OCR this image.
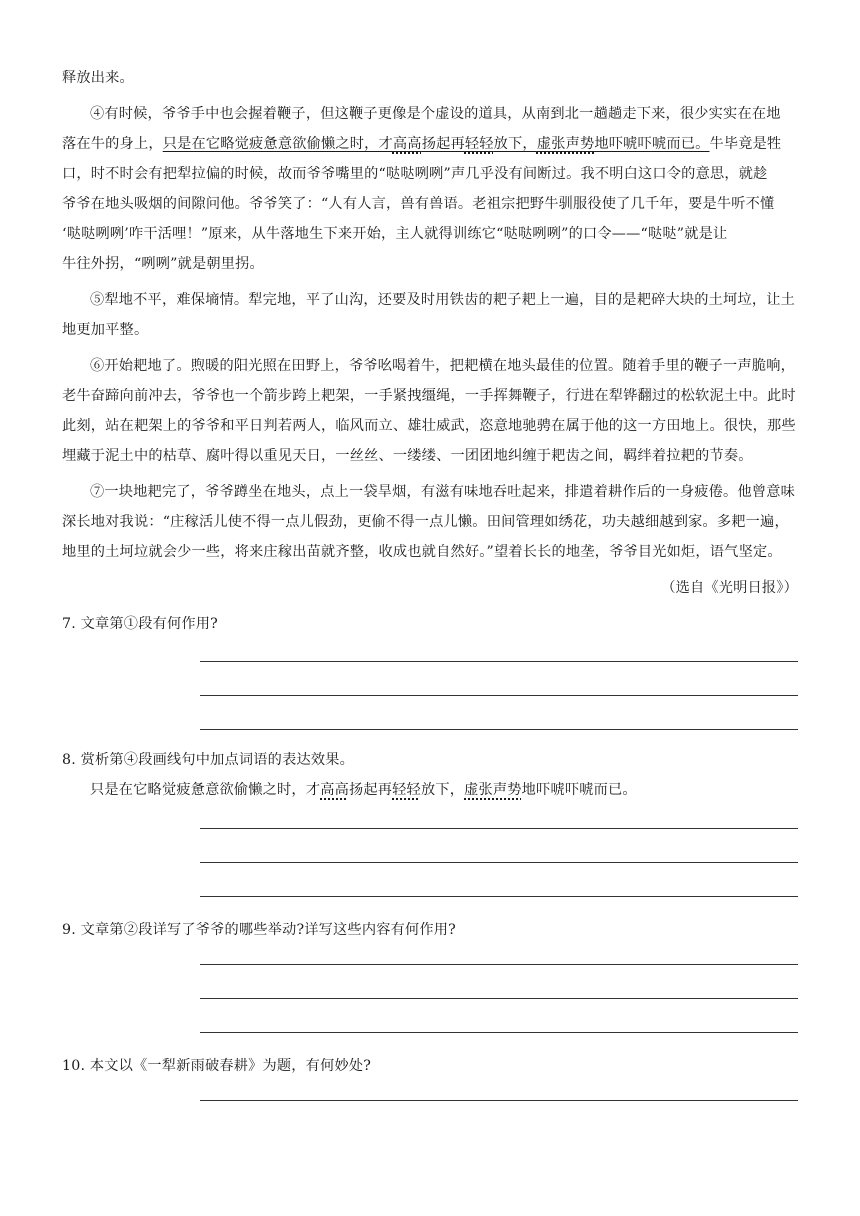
释放出来。
④有时候，爷爷手中也会握着鞭子，但这鞭子更像是个虚设的道具，从南到北一趟趟走下来，很少实实在在地
落在牛的身上，只是在它略觉疲惫意欲偷懒之时，才高高扬起再轻轻放下，虚张声势地吓唬吓唬而已。牛毕竟是牲
口，时不时会有把犁拉偏的时候，故而爷爷嘴里的“哒哒咧咧”声几乎没有间断过。我不明白这口令的意思，就趁
爷爷在地头吸烟的间隙问他。爷爷笑了：“人有人言，兽有兽语。老祖宗把野牛驯服役使了几千年，要是牛听不懂
‘哒哒咧咧’咋干活哩！”原来，从牛落地生下来开始，主人就得训练它“哒哒咧咧”的口令——“哒哒”就是让
牛往外拐，“咧咧”就是朝里拐。
⑤犁地不平，难保墒情。犁完地，平了山沟，还要及时用铁齿的耙子耙上一遍，目的是耙碎大块的土坷垃，让土
地更加平整。
⑥开始耙地了。煦暖的阳光照在田野上，爷爷吆喝着牛，把耙横在地头最佳的位置。随着手里的鞭子一声脆响，
老牛奋蹄向前冲去，爷爷也一个箭步跨上耙架，一手紧拽缰绳，一手挥舞鞭子，行进在犁铧翻过的松软泥土中。此时
此刻，站在耙架上的爷爷和平日判若两人，临风而立、雄壮威武，恣意地驰骋在属于他的这一方田地上。很快，那些
埋藏于泥土中的枯草、腐叶得以重见天日，一丝丝、一缕缕、一团团地纠缠于耙齿之间，羁绊着拉耙的节奏。
⑦一块地耙完了，爷爷蹲坐在地头，点上一袋旱烟，有滋有味地吞吐起来，排遣着耕作后的一身疲倦。他曾意味
深长地对我说：“庄稼活儿使不得一点儿假劲，更偷不得一点儿懒。田间管理如绣花，功夫越细越到家。多耙一遍，
地里的土坷垃就会少一些，将来庄稼出苗就齐整，收成也就自然好。”望着长长的地垄，爷爷目光如炬，语气坚定。
（选自《光明日报》）
7. 文章第①段有何作用?
8. 赏析第④段画线句中加点词语的表达效果。
只是在它略觉疲惫意欲偷懒之时，才高高扬起再轻轻放下，虚张声势地吓唬吓唬而已。
9. 文章第②段详写了爷爷的哪些举动?详写这些内容有何作用?
10. 本文以《一犁新雨破春耕》为题，有何妙处?
